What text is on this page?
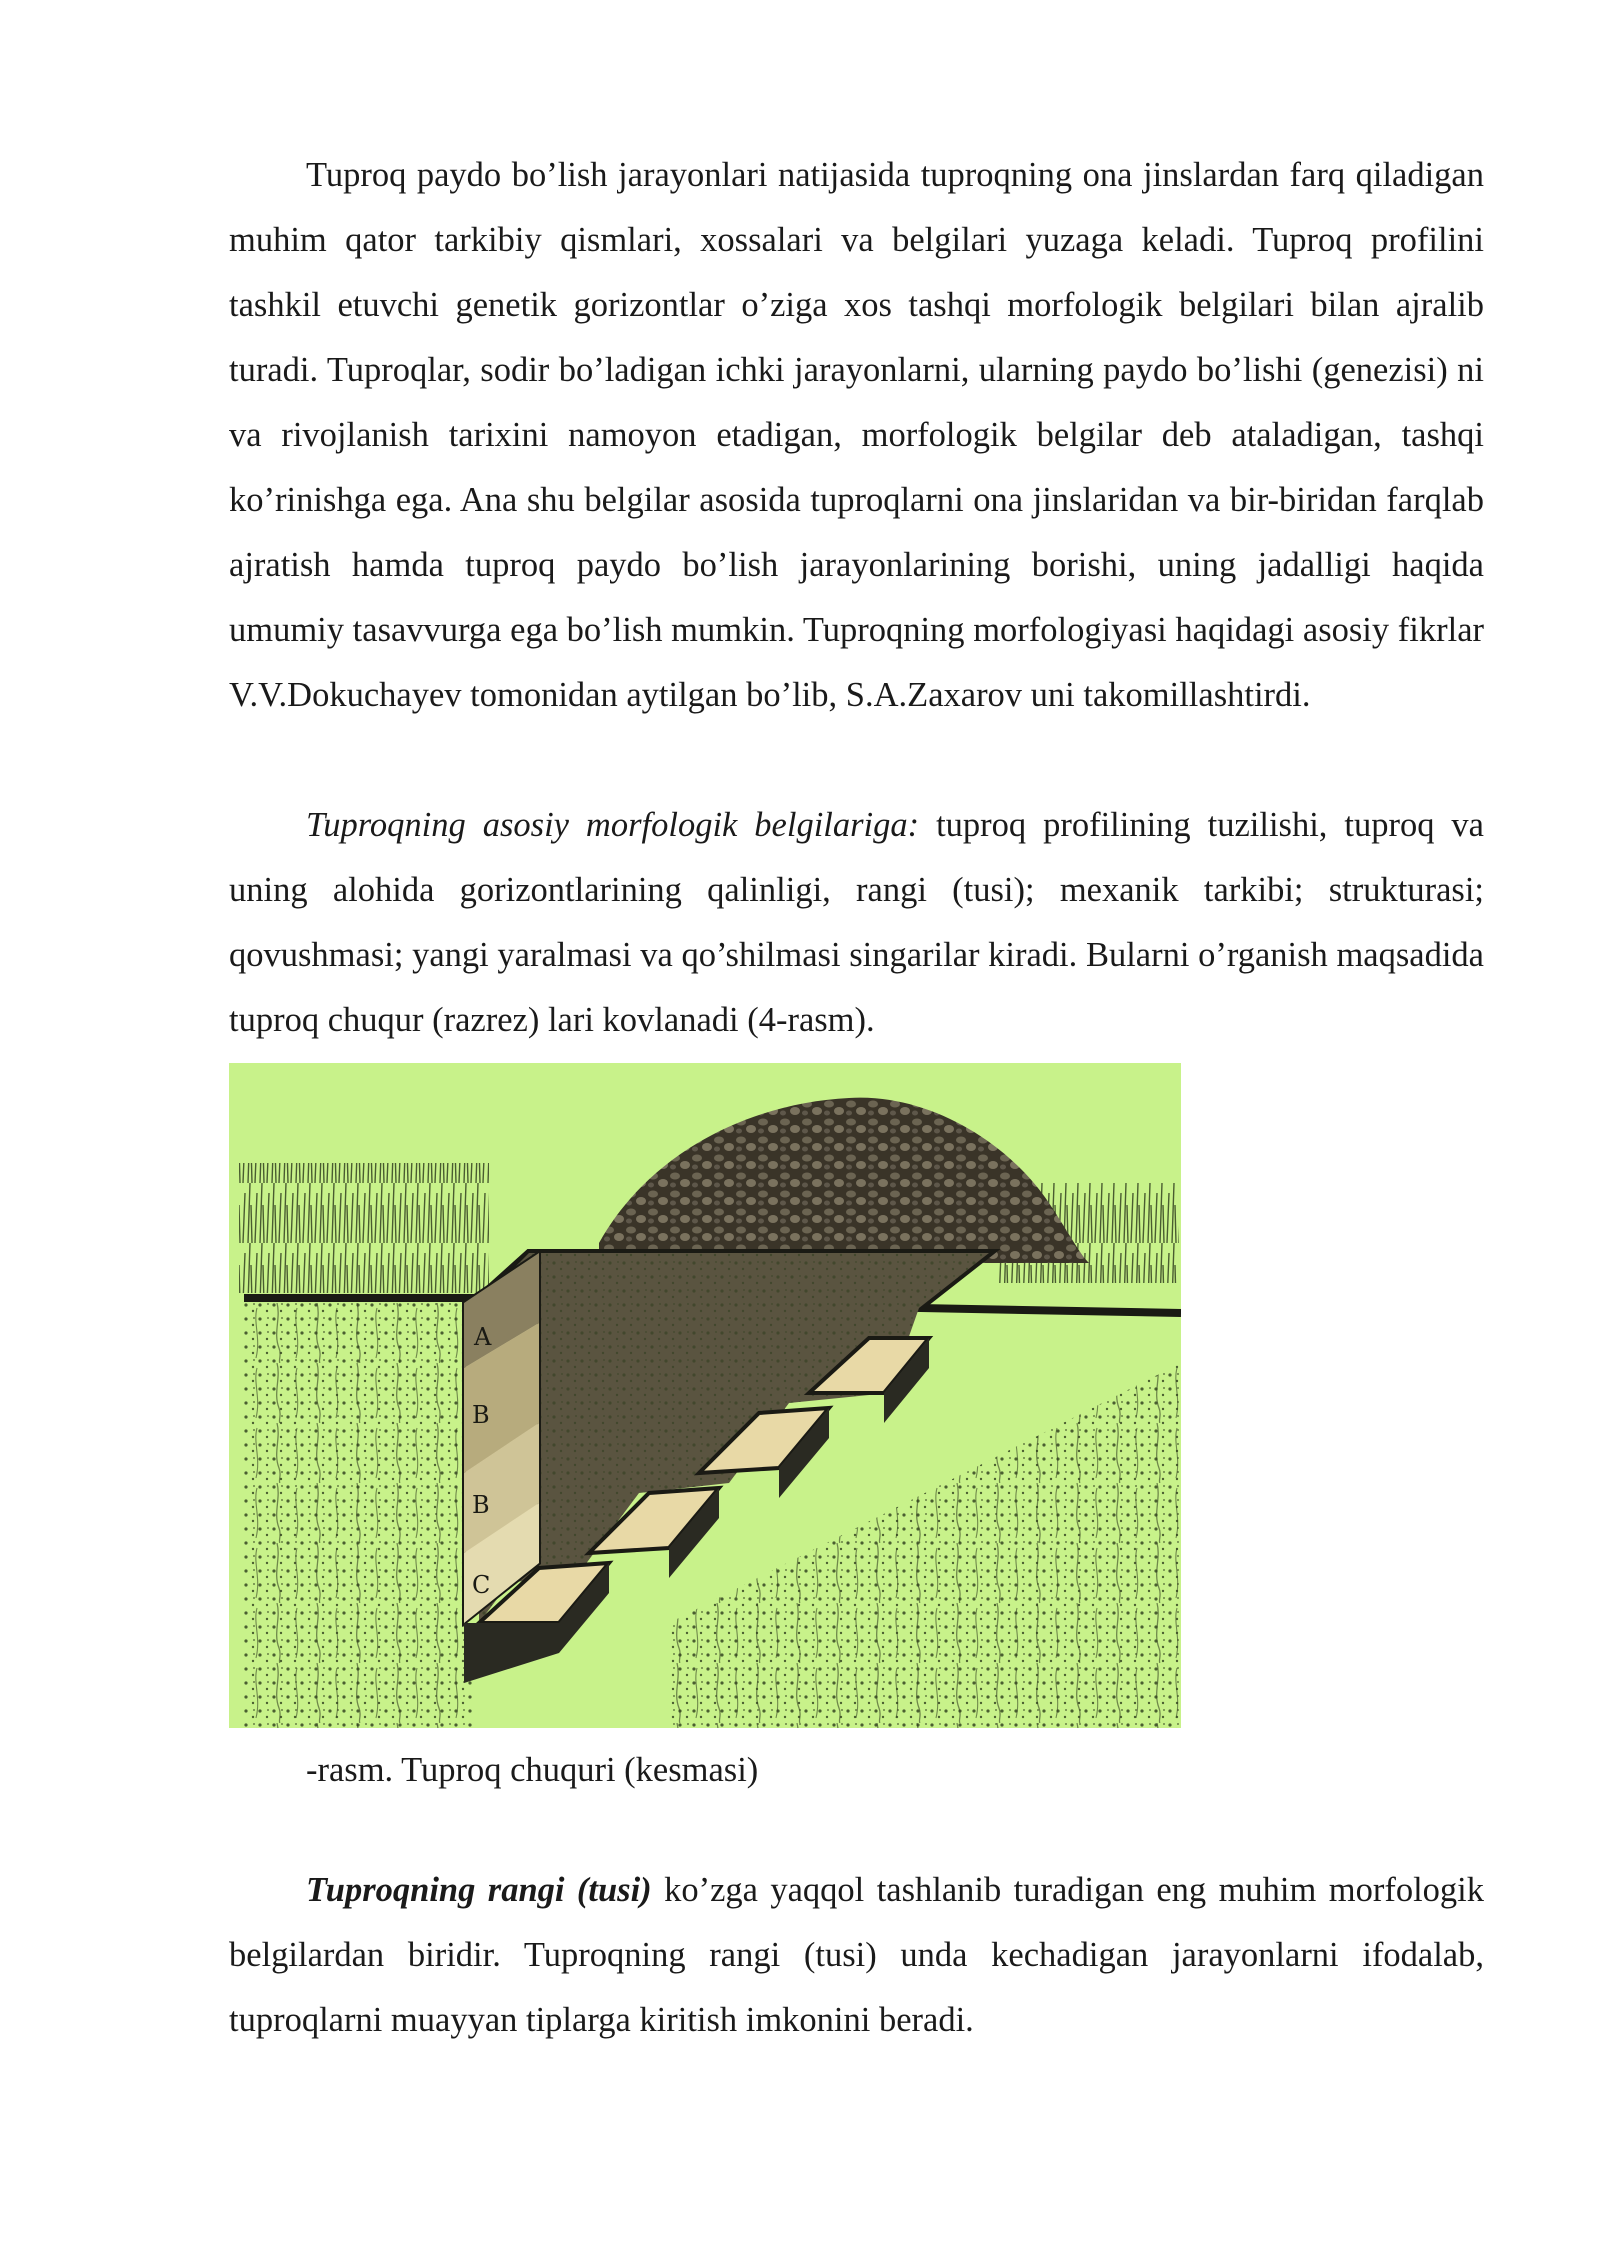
Tuproq paydo bo’lish jarayonlari natijasida tuproqning ona jinslardan farq qiladigan muhim qator tarkibiy qismlari, xossalari va belgilari yuzaga keladi. Tuproq profilini tashkil etuvchi genetik gorizontlar o’ziga xos tashqi morfologik belgilari bilan ajralib turadi. Tuproqlar, sodir bo’ladigan ichki jarayonlarni, ularning paydo bo’lishi (genezisi) ni va rivojlanish tarixini namoyon etadigan, morfologik belgilar deb ataladigan, tashqi ko’rinishga ega. Ana shu belgilar asosida tuproqlarni ona jinslaridan va bir-biridan farqlab ajratish hamda tuproq paydo bo’lish jarayonlarining borishi, uning jadalligi haqida umumiy tasavvurga ega bo’lish mumkin. Tuproqning morfologiyasi haqidagi asosiy fikrlar V.V.Dokuchayev tomonidan aytilgan bo’lib, S.A.Zaxarov uni takomillashtirdi.

Tuproqning asosiy morfologik belgilariga: tuproq profilining tuzilishi, tuproq va uning alohida gorizontlarining qalinligi, rangi (tusi); mexanik tarkibi; strukturasi; qovushmasi; yangi yaralmasi va qo’shilmasi singarilar kiradi. Bularni o’rganish maqsadida tuproq chuqur (razrez) lari kovlanadi (4-rasm).

A
B
B
C

-rasm. Tuproq chuquri (kesmasi)

Tuproqning rangi (tusi) ko’zga yaqqol tashlanib turadigan eng muhim morfologik belgilardan biridir. Tuproqning rangi (tusi) unda kechadigan jarayonlarni ifodalab, tuproqlarni muayyan tiplarga kiritish imkonini beradi.
